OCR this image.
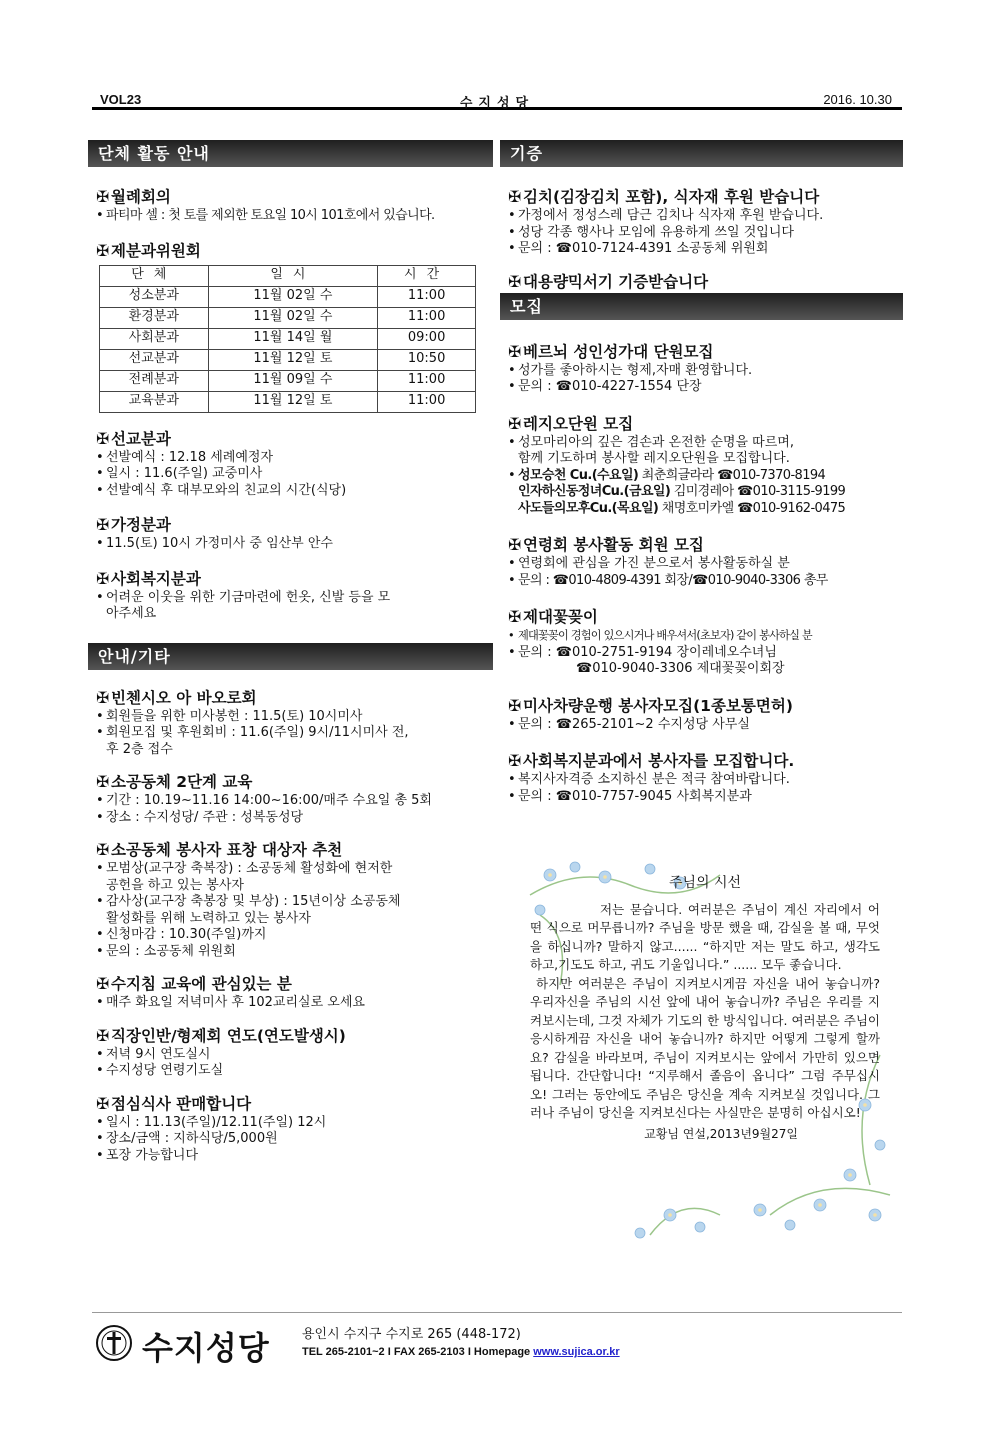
VOL23	수지성당	2016. 10.30
단체 활동 안내
✠ 월례회의
• 파티마 셀 : 첫 토를 제외한 토요일 10시 101호에서 있습니다.
✠ 제분과위원회
단체	일시	시간
성소분과	11월 02일 수	11:00
환경분과	11월 02일 수	11:00
사회분과	11월 14일 월	09:00
선교분과	11월 12일 토	10:50
전례분과	11월 09일 수	11:00
교육분과	11월 12일 토	11:00
✠ 선교분과
• 선발예식 : 12.18 세례예정자
• 일시 : 11.6(주일) 교중미사
• 선발예식 후 대부모와의 친교의 시간(식당)
✠ 가정분과
• 11.5(토) 10시 가정미사 중 임산부 안수
✠ 사회복지분과
• 어려운 이웃을 위한 기금마련에 헌옷, 신발 등을 모
아주세요
안내/기타
✠ 빈첸시오 아 바오로회
• 회원들을 위한 미사봉헌 : 11.5(토) 10시미사
• 회원모집 및 후원회비 : 11.6(주일) 9시/11시미사 전,
후 2층 접수
✠ 소공동체 2단계 교육
• 기간 : 10.19~11.16 14:00~16:00/매주 수요일 총 5회
• 장소 : 수지성당/ 주관 : 성복동성당
✠ 소공동체 봉사자 표창 대상자 추천
• 모범상(교구장 축복장) : 소공동체 활성화에 현저한
공헌을 하고 있는 봉사자
• 감사상(교구장 축봉장 및 부상) : 15년이상 소공동체
활성화를 위해 노력하고 있는 봉사자
• 신청마감 : 10.30(주일)까지
• 문의 : 소공동체 위원회
✠ 수지침 교육에 관심있는 분
• 매주 화요일 저녁미사 후 102교리실로 오세요
✠ 직장인반/형제회 연도(연도발생시)
• 저녁 9시 연도실시
• 수지성당 연령기도실
✠ 점심식사 판매합니다
• 일시 : 11.13(주일)/12.11(주일) 12시
• 장소/금액 : 지하식당/5,000원
• 포장 가능합니다
기증
✠ 김치(김장김치 포함), 식자재 후원 받습니다
• 가정에서 정성스레 담근 김치나 식자재 후원 받습니다.
• 성당 각종 행사나 모임에 유용하게 쓰일 것입니다
• 문의 : ☎010-7124-4391 소공동체 위원회
✠ 대용량믹서기 기증받습니다
모집
✠ 베르뇌 성인성가대 단원모집
• 성가를 좋아하시는 형제,자매 환영합니다.
• 문의 : ☎010-4227-1554 단장
✠ 레지오단원 모집
• 성모마리아의 깊은 겸손과 온전한 순명을 따르며,
함께 기도하며 봉사할 레지오단원을 모집합니다.
• 성모승천 Cu.(수요일) 최춘희글라라 ☎010-7370-8194
인자하신동정녀Cu.(금요일) 김미경레아 ☎010-3115-9199
사도들의모후Cu.(목요일) 채명호미카엘 ☎010-9162-0475
✠ 연령회 봉사활동 회원 모집
• 연령회에 관심을 가진 분으로서 봉사활동하실 분
• 문의 : ☎010-4809-4391 회장/☎010-9040-3306 총무
✠ 제대꽃꽂이
• 제대꽃꽂이 경험이 있으시거나 배우셔서(초보자) 같이 봉사하실 분
• 문의 : ☎010-2751-9194 장이레네오수녀님
☎010-9040-3306 제대꽃꽂이회장
✠ 미사차량운행 봉사자모집(1종보통면허)
• 문의 : ☎265-2101~2 수지성당 사무실
✠ 사회복지분과에서 봉사자를 모집합니다.
• 복지사자격증 소지하신 분은 적극 참여바랍니다.
• 문의 : ☎010-7757-9045 사회복지분과
주님의 시선
저는 묻습니다. 여러분은 주님이 계신 자리에서 어떤 식으로 머무릅니까? 주님을 방문 했을 때, 감실을 볼 때, 무엇을 하십니까? 말하지 않고...... “하지만 저는 말도 하고, 생각도 하고,기도도 하고, 귀도 기울입니다.” ...... 모두 좋습니다.
하지만 여러분은 주님이 지켜보시게끔 자신을 내어 놓습니까? 우리자신을 주님의 시선 앞에 내어 놓습니까? 주님은 우리를 지켜보시는데, 그것 자체가 기도의 한 방식입니다. 여러분은 주님이 응시하게끔 자신을 내어 놓습니까? 하지만 어떻게 그렇게 할까요? 감실을 바라보며, 주님이 지켜보시는 앞에서 가만히 있으면 됩니다. 간단합니다! “지루해서 졸음이 옵니다” 그럼 주무십시오! 그러는 동안에도 주님은 당신을 계속 지켜보실 것입니다. 그러나 주님이 당신을 지켜보신다는 사실만은 분명히 아십시오!
교황님 연설,2013년9월27일
수지성당 용인시 수지구 수지로 265 (448-172)
TEL 265-2101~2 I FAX 265-2103 I Homepage www.sujica.or.kr
